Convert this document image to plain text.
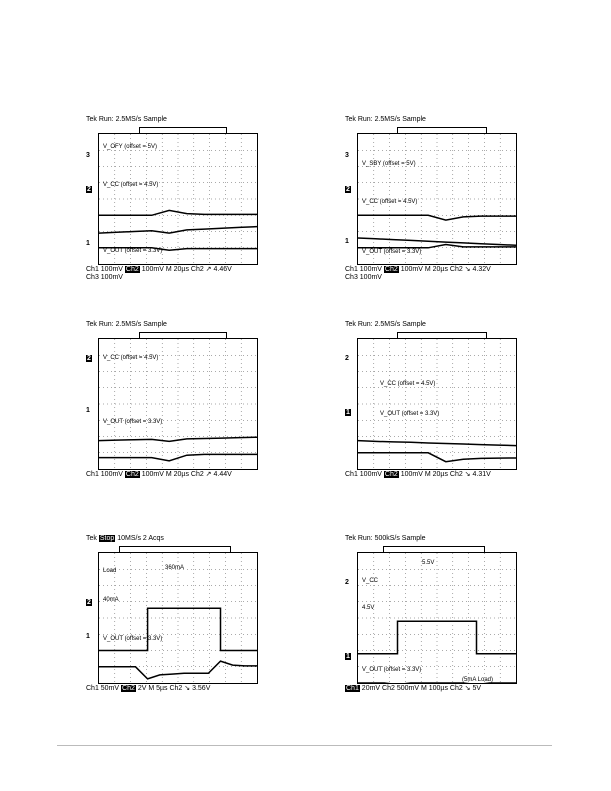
Tek Run: 2.5MS/s Sample
3
2
1
V_OFY (offset = 5V)
V_CC (offset = 4.5V)
V_OUT (offset = 3.3V)
Ch1 100mV Ch2 100mV M 20µs Ch2 ↗ 4.46V
Ch3 100mV
Tek Run: 2.5MS/s Sample
3
2
1
V_SBY (offset = 5V)
V_CC (offset = 4.5V)
V_OUT (offset = 3.3V)
Ch1 100mV Ch2 100mV M 20µs Ch2 ↘ 4.32V
Ch3 100mV
Tek Run: 2.5MS/s Sample
2
1
V_CC (offset = 4.5V)
V_OUT (offset = 3.3V)
Ch1 100mV Ch2 100mV M 20µs Ch2 ↗ 4.44V

Tek Run: 2.5MS/s Sample
2
1
V_CC (offset = 4.5V)
V_OUT (offset = 3.3V)
Ch1 100mV Ch2 100mV M 20µs Ch2 ↘ 4.31V

Tek Stop 10MS/s 2 Acqs
2
1
Load	360mA
40mA
V_OUT (offset = 3.3V)
Ch1 50mV Ch2 2V M 5µs Ch2 ↘ 3.56V

Tek Run: 500kS/s Sample
2
1
5.5V
V_CC
4.5V
V_OUT (offset = 3.3V)
(5mA Load)
Ch1 20mV Ch2 500mV M 100µs Ch2 ↘ 5V
